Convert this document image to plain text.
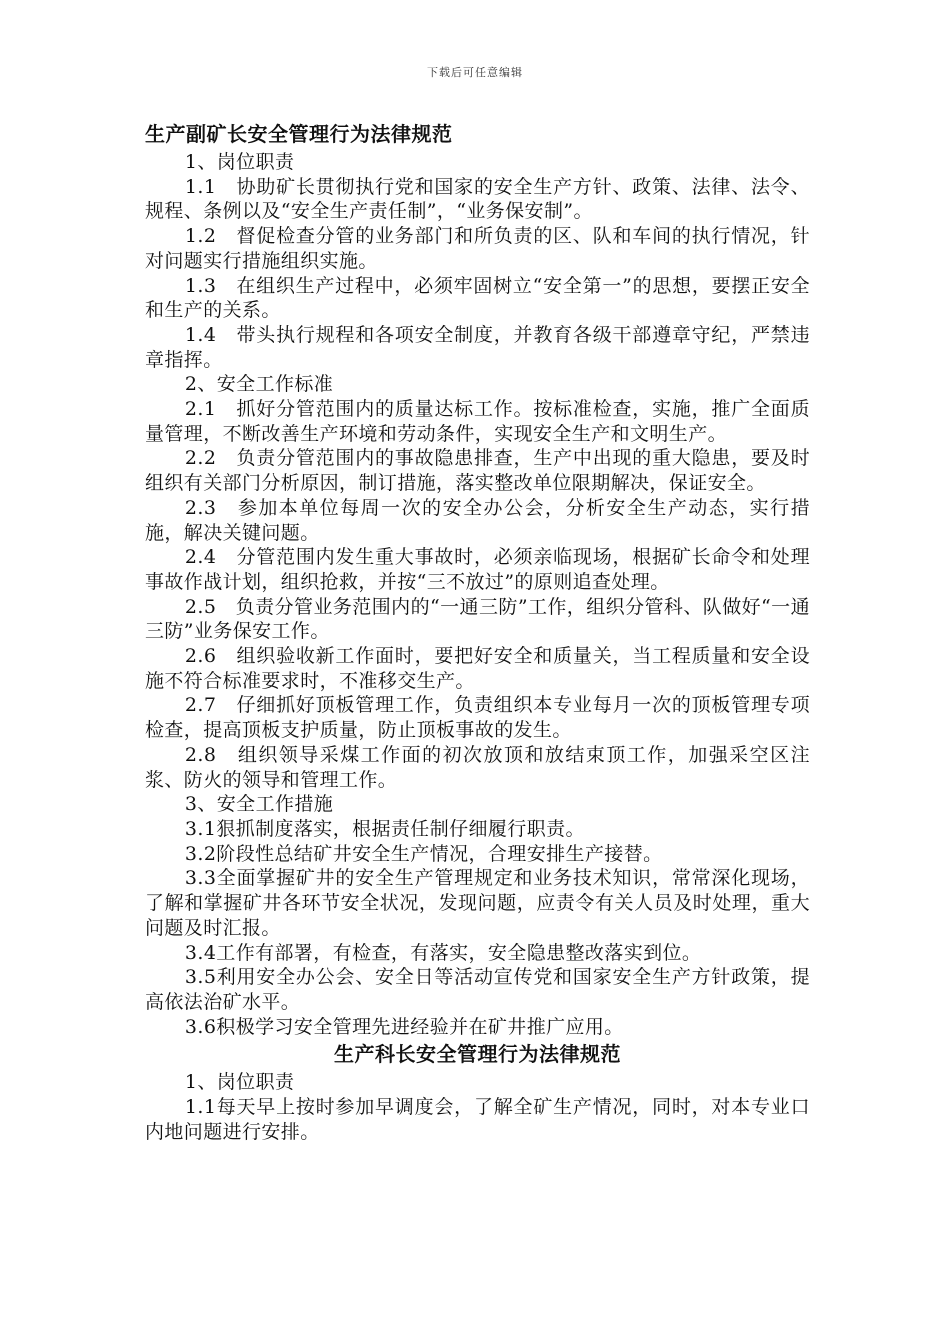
下载后可任意编辑
生产副矿长安全管理行为法律规范

1、岗位职责

1.1　协助矿长贯彻执行党和国家的安全生产方针、政策、法律、法令、规程、条例以及“安全生产责任制”，“业务保安制”。

1.2　督促检查分管的业务部门和所负责的区、队和车间的执行情况，针对问题实行措施组织实施。

1.3　在组织生产过程中，必须牢固树立“安全第一”的思想，要摆正安全和生产的关系。

1.4　带头执行规程和各项安全制度，并教育各级干部遵章守纪，严禁违章指挥。

2、安全工作标准

2.1　抓好分管范围内的质量达标工作。按标准检查，实施，推广全面质量管理，不断改善生产环境和劳动条件，实现安全生产和文明生产。

2.2　负责分管范围内的事故隐患排查，生产中出现的重大隐患，要及时组织有关部门分析原因，制订措施，落实整改单位限期解决，保证安全。

2.3　参加本单位每周一次的安全办公会，分析安全生产动态，实行措施，解决关键问题。

2.4　分管范围内发生重大事故时，必须亲临现场，根据矿长命令和处理事故作战计划，组织抢救，并按“三不放过”的原则追查处理。

2.5　负责分管业务范围内的“一通三防”工作，组织分管科、队做好“一通三防”业务保安工作。

2.6　组织验收新工作面时，要把好安全和质量关，当工程质量和安全设施不符合标准要求时，不准移交生产。

2.7　仔细抓好顶板管理工作，负责组织本专业每月一次的顶板管理专项检查，提高顶板支护质量，防止顶板事故的发生。

2.8　组织领导采煤工作面的初次放顶和放结束顶工作，加强采空区注浆、防火的领导和管理工作。

3、安全工作措施

3.1狠抓制度落实，根据责任制仔细履行职责。

3.2阶段性总结矿井安全生产情况，合理安排生产接替。

3.3全面掌握矿井的安全生产管理规定和业务技术知识，常常深化现场，了解和掌握矿井各环节安全状况，发现问题，应责令有关人员及时处理，重大问题及时汇报。

3.4工作有部署，有检查，有落实，安全隐患整改落实到位。

3.5利用安全办公会、安全日等活动宣传党和国家安全生产方针政策，提高依法治矿水平。

3.6积极学习安全管理先进经验并在矿井推广应用。

生产科长安全管理行为法律规范

1、岗位职责

1.1每天早上按时参加早调度会，了解全矿生产情况，同时，对本专业口内地问题进行安排。
